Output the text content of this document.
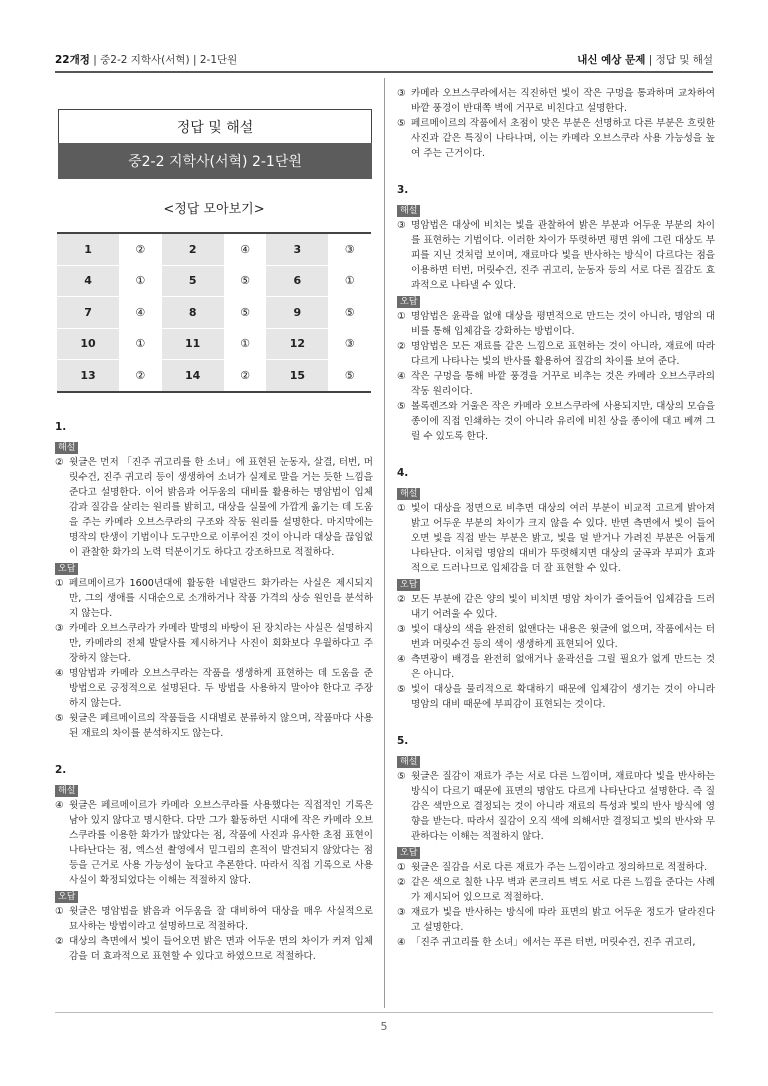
22개정 | 중2-2 지학사(서혁) | 2-1단원	내신 예상 문제 | 정답 및 해설
정답 및 해설
중2-2 지학사(서혁) 2-1단원
<정답 모아보기>
1	②	2	④	3	③
4	①	5	⑤	6	①
7	④	8	⑤	9	⑤
10	①	11	①	12	③
13	②	14	②	15	⑤
1.
해설
② 윗글은 먼저 「진주 귀고리를 한 소녀」에 표현된 눈동자, 살결, 터번, 머릿수건, 진주 귀고리 등이 생생하여 소녀가 실제로 말을 거는 듯한 느낌을 준다고 설명한다. 이어 밝음과 어두움의 대비를 활용하는 명암법이 입체감과 질감을 살리는 원리를 밝히고, 대상을 실물에 가깝게 옮기는 데 도움을 주는 카메라 오브스쿠라의 구조와 작동 원리를 설명한다. 마지막에는 명작의 탄생이 기법이나 도구만으로 이루어진 것이 아니라 대상을 끊임없이 관찰한 화가의 노력 덕분이기도 하다고 강조하므로 적절하다.
오답
① 페르메이르가 1600년대에 활동한 네덜란드 화가라는 사실은 제시되지만, 그의 생애를 시대순으로 소개하거나 작품 가격의 상승 원인을 분석하지 않는다.
③ 카메라 오브스쿠라가 카메라 발명의 바탕이 된 장치라는 사실은 설명하지만, 카메라의 전체 발달사를 제시하거나 사진이 회화보다 우월하다고 주장하지 않는다.
④ 명암법과 카메라 오브스쿠라는 작품을 생생하게 표현하는 데 도움을 준 방법으로 긍정적으로 설명된다. 두 방법을 사용하지 말아야 한다고 주장하지 않는다.
⑤ 윗글은 페르메이르의 작품들을 시대별로 분류하지 않으며, 작품마다 사용된 재료의 차이를 분석하지도 않는다.
2.
해설
④ 윗글은 페르메이르가 카메라 오브스쿠라를 사용했다는 직접적인 기록은 남아 있지 않다고 명시한다. 다만 그가 활동하던 시대에 작은 카메라 오브스쿠라를 이용한 화가가 많았다는 점, 작품에 사진과 유사한 초점 표현이 나타난다는 점, 엑스선 촬영에서 밑그림의 흔적이 발견되지 않았다는 점 등을 근거로 사용 가능성이 높다고 추론한다. 따라서 직접 기록으로 사용 사실이 확정되었다는 이해는 적절하지 않다.
오답
① 윗글은 명암법을 밝음과 어두움을 잘 대비하여 대상을 매우 사실적으로 묘사하는 방법이라고 설명하므로 적절하다.
② 대상의 측면에서 빛이 들어오면 밝은 면과 어두운 면의 차이가 커져 입체감을 더 효과적으로 표현할 수 있다고 하였으므로 적절하다.
③ 카메라 오브스쿠라에서는 직진하던 빛이 작은 구멍을 통과하며 교차하여 바깥 풍경이 반대쪽 벽에 거꾸로 비친다고 설명한다.
⑤ 페르메이르의 작품에서 초점이 맞은 부분은 선명하고 다른 부분은 흐릿한 사진과 같은 특징이 나타나며, 이는 카메라 오브스쿠라 사용 가능성을 높여 주는 근거이다.
3.
해설
③ 명암법은 대상에 비치는 빛을 관찰하여 밝은 부분과 어두운 부분의 차이를 표현하는 기법이다. 이러한 차이가 뚜렷하면 평면 위에 그린 대상도 부피를 지닌 것처럼 보이며, 재료마다 빛을 반사하는 방식이 다르다는 점을 이용하면 터번, 머릿수건, 진주 귀고리, 눈동자 등의 서로 다른 질감도 효과적으로 나타낼 수 있다.
오답
① 명암법은 윤곽을 없애 대상을 평면적으로 만드는 것이 아니라, 명암의 대비를 통해 입체감을 강화하는 방법이다.
② 명암법은 모든 재료를 같은 느낌으로 표현하는 것이 아니라, 재료에 따라 다르게 나타나는 빛의 반사를 활용하여 질감의 차이를 보여 준다.
④ 작은 구멍을 통해 바깥 풍경을 거꾸로 비추는 것은 카메라 오브스쿠라의 작동 원리이다.
⑤ 볼록렌즈와 거울은 작은 카메라 오브스쿠라에 사용되지만, 대상의 모습을 종이에 직접 인쇄하는 것이 아니라 유리에 비친 상을 종이에 대고 베껴 그릴 수 있도록 한다.
4.
해설
① 빛이 대상을 정면으로 비추면 대상의 여러 부분이 비교적 고르게 밝아져 밝고 어두운 부분의 차이가 크지 않을 수 있다. 반면 측면에서 빛이 들어오면 빛을 직접 받는 부분은 밝고, 빛을 덜 받거나 가려진 부분은 어둡게 나타난다. 이처럼 명암의 대비가 뚜렷해지면 대상의 굴곡과 부피가 효과적으로 드러나므로 입체감을 더 잘 표현할 수 있다.
오답
② 모든 부분에 같은 양의 빛이 비치면 명암 차이가 줄어들어 입체감을 드러내기 어려울 수 있다.
③ 빛이 대상의 색을 완전히 없앤다는 내용은 윗글에 없으며, 작품에서는 터번과 머릿수건 등의 색이 생생하게 표현되어 있다.
④ 측면광이 배경을 완전히 없애거나 윤곽선을 그릴 필요가 없게 만드는 것은 아니다.
⑤ 빛이 대상을 물리적으로 확대하기 때문에 입체감이 생기는 것이 아니라 명암의 대비 때문에 부피감이 표현되는 것이다.
5.
해설
⑤ 윗글은 질감이 재료가 주는 서로 다른 느낌이며, 재료마다 빛을 반사하는 방식이 다르기 때문에 표면의 명암도 다르게 나타난다고 설명한다. 즉 질감은 색만으로 결정되는 것이 아니라 재료의 특성과 빛의 반사 방식에 영향을 받는다. 따라서 질감이 오직 색에 의해서만 결정되고 빛의 반사와 무관하다는 이해는 적절하지 않다.
오답
① 윗글은 질감을 서로 다른 재료가 주는 느낌이라고 정의하므로 적절하다.
② 같은 색으로 칠한 나무 벽과 콘크리트 벽도 서로 다른 느낌을 준다는 사례가 제시되어 있으므로 적절하다.
③ 재료가 빛을 반사하는 방식에 따라 표면의 밝고 어두운 정도가 달라진다고 설명한다.
④ 「진주 귀고리를 한 소녀」에서는 푸른 터번, 머릿수건, 진주 귀고리,
5
